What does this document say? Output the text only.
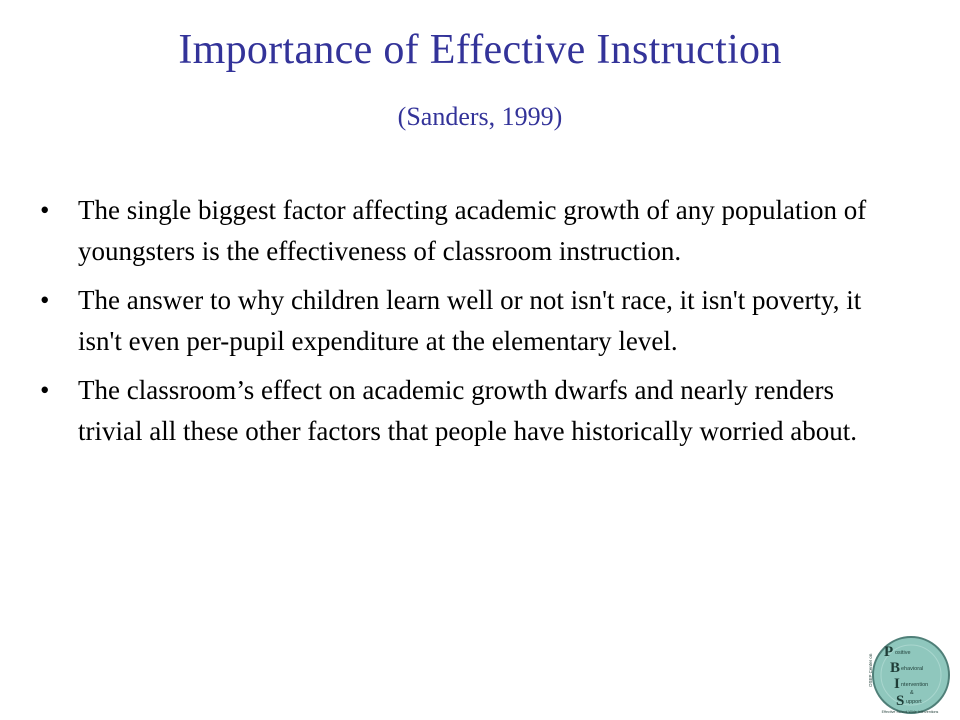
Importance of Effective Instruction
(Sanders, 1999)
• The single biggest factor affecting academic growth of any population of youngsters is the effectiveness of classroom instruction.
• The answer to why children learn well or not isn't race, it isn't poverty, it isn't even per-pupil expenditure at the elementary level.
• The classroom’s effect on academic growth dwarfs and nearly renders trivial all these other factors that people have historically worried about.
P
B
I
S
ositive
ehavioral
ntervention
&
upport
OSEP Center on
Effective School-Wide Interventions
